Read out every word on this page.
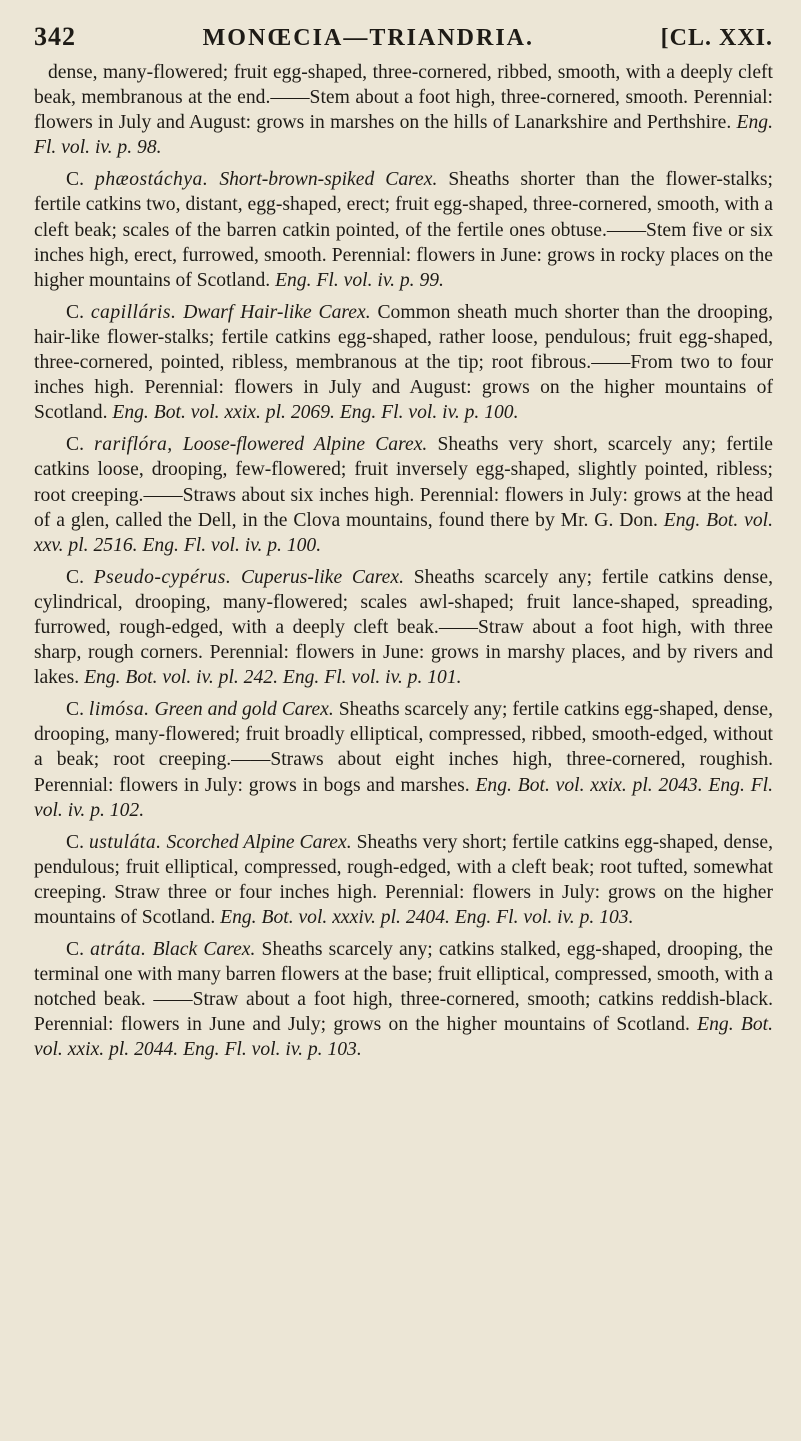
342	MONŒCIA—TRIANDRIA.	[CL. XXI.

dense, many-flowered; fruit egg-shaped, three-cornered, ribbed, smooth, with a deeply cleft beak, membranous at the end.——Stem about a foot high, three-cornered, smooth. Perennial: flowers in July and August: grows in marshes on the hills of Lanarkshire and Perthshire. Eng. Fl. vol. iv. p. 98.

C. phæostáchya. Short-brown-spiked Carex. Sheaths shorter than the flower-stalks; fertile catkins two, distant, egg-shaped, erect; fruit egg-shaped, three-cornered, smooth, with a cleft beak; scales of the barren catkin pointed, of the fertile ones obtuse.——Stem five or six inches high, erect, furrowed, smooth. Perennial: flowers in June: grows in rocky places on the higher mountains of Scotland. Eng. Fl. vol. iv. p. 99.

C. capilláris. Dwarf Hair-like Carex. Common sheath much shorter than the drooping, hair-like flower-stalks; fertile catkins egg-shaped, rather loose, pendulous; fruit egg-shaped, three-cornered, pointed, ribless, membranous at the tip; root fibrous.——From two to four inches high. Perennial: flowers in July and August: grows on the higher mountains of Scotland. Eng. Bot. vol. xxix. pl. 2069. Eng. Fl. vol. iv. p. 100.

C. rariflóra, Loose-flowered Alpine Carex. Sheaths very short, scarcely any; fertile catkins loose, drooping, few-flowered; fruit inversely egg-shaped, slightly pointed, ribless; root creeping.——Straws about six inches high. Perennial: flowers in July: grows at the head of a glen, called the Dell, in the Clova mountains, found there by Mr. G. Don. Eng. Bot. vol. xxv. pl. 2516. Eng. Fl. vol. iv. p. 100.

C. Pseudo-cypérus. Cuperus-like Carex. Sheaths scarcely any; fertile catkins dense, cylindrical, drooping, many-flowered; scales awl-shaped; fruit lance-shaped, spreading, furrowed, rough-edged, with a deeply cleft beak.——Straw about a foot high, with three sharp, rough corners. Perennial: flowers in June: grows in marshy places, and by rivers and lakes. Eng. Bot. vol. iv. pl. 242. Eng. Fl. vol. iv. p. 101.

C. limósa. Green and gold Carex. Sheaths scarcely any; fertile catkins egg-shaped, dense, drooping, many-flowered; fruit broadly elliptical, compressed, ribbed, smooth-edged, without a beak; root creeping.——Straws about eight inches high, three-cornered, roughish. Perennial: flowers in July: grows in bogs and marshes. Eng. Bot. vol. xxix. pl. 2043. Eng. Fl. vol. iv. p. 102.

C. ustuláta. Scorched Alpine Carex. Sheaths very short; fertile catkins egg-shaped, dense, pendulous; fruit elliptical, compressed, rough-edged, with a cleft beak; root tufted, somewhat creeping. Straw three or four inches high. Perennial: flowers in July: grows on the higher mountains of Scotland. Eng. Bot. vol. xxxiv. pl. 2404. Eng. Fl. vol. iv. p. 103.

C. atráta. Black Carex. Sheaths scarcely any; catkins stalked, egg-shaped, drooping, the terminal one with many barren flowers at the base; fruit elliptical, compressed, smooth, with a notched beak. ——Straw about a foot high, three-cornered, smooth; catkins reddish-black. Perennial: flowers in June and July; grows on the higher mountains of Scotland. Eng. Bot. vol. xxix. pl. 2044. Eng. Fl. vol. iv. p. 103.
